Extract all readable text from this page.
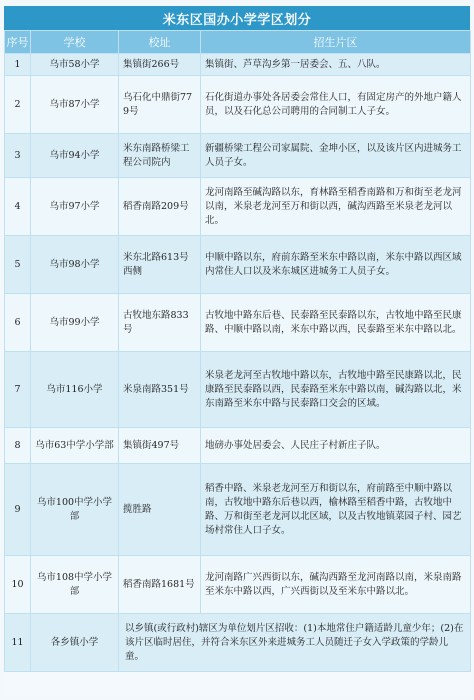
米东区国办小学学区划分
序号	学校	校址	招生片区
1	乌市58小学	集镇街266号	集镇街、芦草沟乡第一居委会、五、八队。
2	乌市87小学	乌石化中鼎街779号	石化街道办事处各居委会常住人口，有固定房产的外地户籍人员，以及石化总公司聘用的合同制工人子女。
3	乌市94小学	米东南路桥梁工程公司院内	新疆桥梁工程公司家属院、金坤小区，以及该片区内进城务工人员子女。
4	乌市97小学	稻香南路209号	龙河南路至碱沟路以东，育林路至稻香南路和万和街至老龙河以南，米泉老龙河至万和街以西，碱沟西路至米泉老龙河以北。
5	乌市98小学	米东北路613号西侧	中顺中路以东，府前东路至米东中路以南，米东中路以西区域内常住人口以及米东城区进城务工人员子女。
6	乌市99小学	古牧地东路833号	古牧地中路东后巷、民泰路至民泰路以东，古牧地中路至民康路、中顺中路以南，米东中路以西，民泰路至米东中路以北。
7	乌市116小学	米泉南路351号	米泉老龙河至古牧地中路以东，古牧地中路至民康路以北，民康路至民泰路以西，民泰路至米东中路以南，碱沟路以北，米东南路至米东中路与民泰路口交会的区域。
8	乌市63中学小学部	集镇街497号	地磅办事处居委会、人民庄子村新庄子队。
9	乌市100中学小学部	揽胜路	稻香中路、米泉老龙河至万和街以东，府前路至中顺中路以南，古牧地中路东后巷以西，榆林路至稻香中路，古牧地中路、万和街至老龙河以北区域，以及古牧地镇菜园子村、园艺场村常住人口子女。
10	乌市108中学小学部	稻香南路1681号	龙河南路广兴西街以东，碱沟西路至龙河南路以南，米泉南路至米东中路以西，广兴西街以及至米东中路以北。
11	各乡镇小学	以乡镇(或行政村)辖区为单位划片区招收：(1)本地常住户籍适龄儿童少年；(2)在该片区临时居住，并符合米东区外来进城务工人员随迁子女入学政策的学龄儿童。	
